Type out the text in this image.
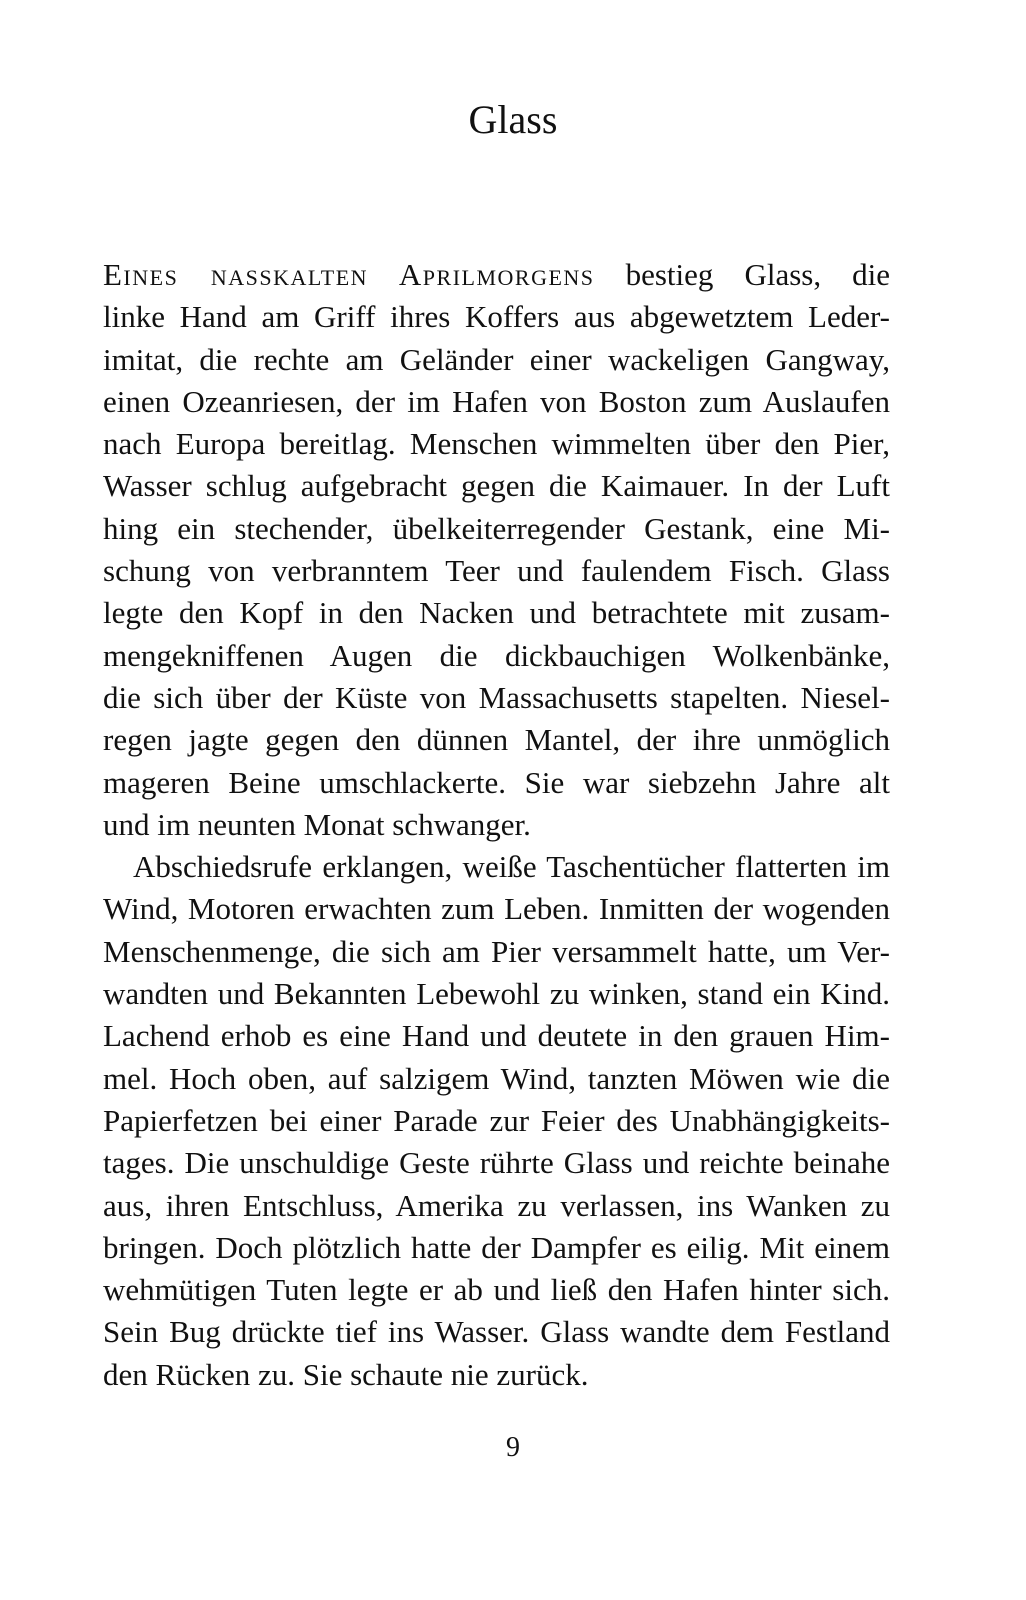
Glass
Eines nasskalten Aprilmorgens bestieg Glass, die
linke Hand am Griff ihres Koffers aus abgewetztem Leder-
imitat, die rechte am Geländer einer wackeligen Gangway,
einen Ozeanriesen, der im Hafen von Boston zum Auslaufen
nach Europa bereitlag. Menschen wimmelten über den Pier,
Wasser schlug aufgebracht gegen die Kaimauer. In der Luft
hing ein stechender, übelkeiterregender Gestank, eine Mi-
schung von verbranntem Teer und faulendem Fisch. Glass
legte den Kopf in den Nacken und betrachtete mit zusam-
mengekniffenen Augen die dickbauchigen Wolkenbänke,
die sich über der Küste von Massachusetts stapelten. Niesel-
regen jagte gegen den dünnen Mantel, der ihre unmöglich
mageren Beine umschlackerte. Sie war siebzehn Jahre alt
und im neunten Monat schwanger.
Abschiedsrufe erklangen, weiße Taschentücher flatterten im
Wind, Motoren erwachten zum Leben. Inmitten der wogenden
Menschenmenge, die sich am Pier versammelt hatte, um Ver-
wandten und Bekannten Lebewohl zu winken, stand ein Kind.
Lachend erhob es eine Hand und deutete in den grauen Him-
mel. Hoch oben, auf salzigem Wind, tanzten Möwen wie die
Papierfetzen bei einer Parade zur Feier des Unabhängigkeits-
tages. Die unschuldige Geste rührte Glass und reichte beinahe
aus, ihren Entschluss, Amerika zu verlassen, ins Wanken zu
bringen. Doch plötzlich hatte der Dampfer es eilig. Mit einem
wehmütigen Tuten legte er ab und ließ den Hafen hinter sich.
Sein Bug drückte tief ins Wasser. Glass wandte dem Festland
den Rücken zu. Sie schaute nie zurück.
9
